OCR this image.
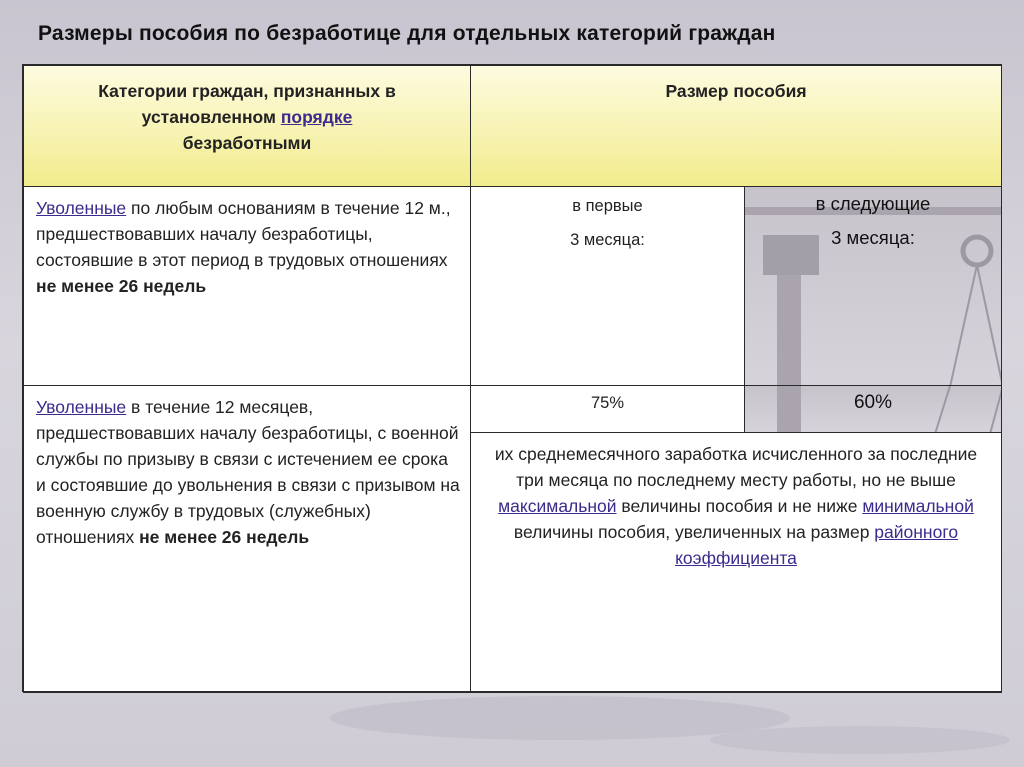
Размеры пособия по безработице для отдельных категорий граждан
Категории граждан, признанных в
установленном порядке
безработными
Размер пособия
Уволенные по любым основаниям в течение 12 м., предшествовавших началу безработицы, состоявшие в этот период в трудовых отношениях не менее 26 недель
в первые
3 месяца:
в следующие
3 месяца:
Уволенные в течение 12 месяцев, предшествовавших началу безработицы, с военной службы по призыву в связи с истечением ее срока и состоявшие до увольнения в связи с призывом на военную службу в трудовых (служебных) отношениях не менее 26 недель
75%	60%
их среднемесячного заработка исчисленного за последние три месяца по последнему месту работы, но не выше максимальной величины пособия и не ниже минимальной величины пособия, увеличенных на размер районного коэффициента
